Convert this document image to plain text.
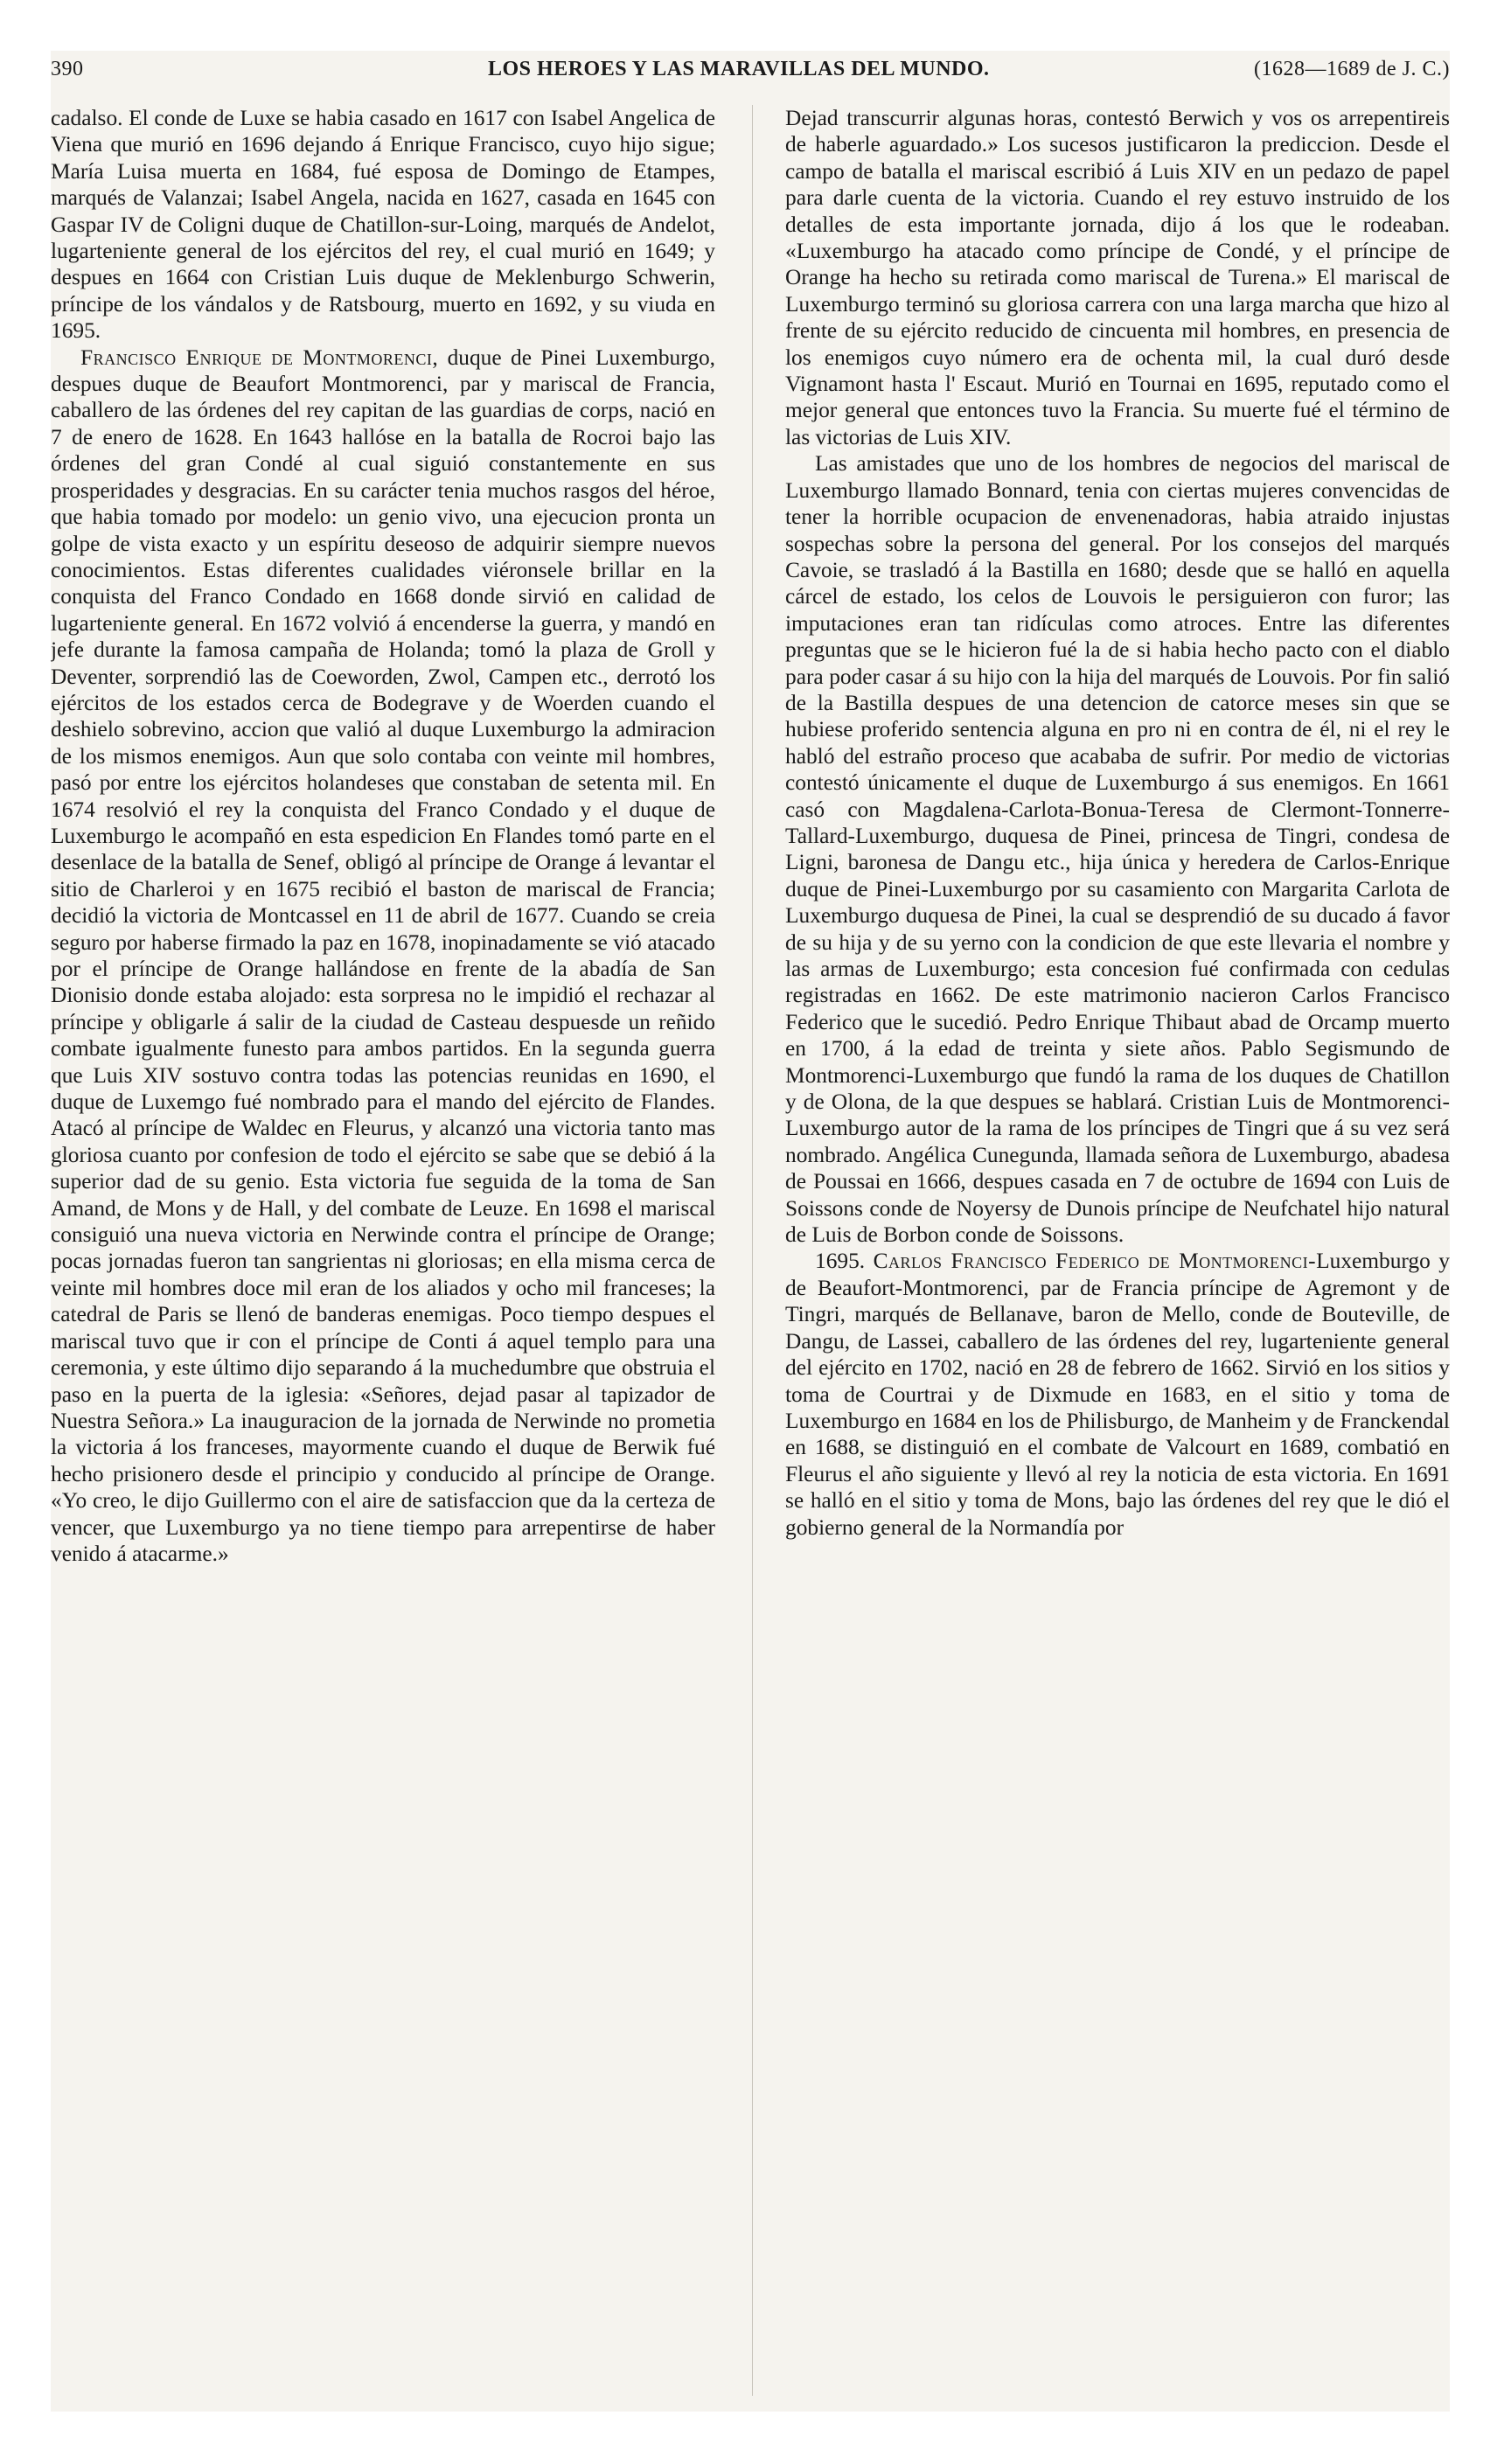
390	LOS HEROES Y LAS MARAVILLAS DEL MUNDO.	(1628—1689 de J. C.)

cadalso. El conde de Luxe se habia casado en 1617 con Isabel Angelica de Viena que murió en 1696 dejando á Enrique Francisco, cuyo hijo sigue; María Luisa muerta en 1684, fué esposa de Domingo de Etampes, marqués de Valanzai; Isabel Angela, nacida en 1627, casada en 1645 con Gaspar IV de Coligni duque de Chatillon-sur-Loing, marqués de Andelot, lugarteniente general de los ejércitos del rey, el cual murió en 1649; y despues en 1664 con Cristian Luis duque de Meklenburgo Schwerin, príncipe de los vándalos y de Ratsbourg, muerto en 1692, y su viuda en 1695.

Francisco Enrique de Montmorenci, duque de Pinei Luxemburgo, despues duque de Beaufort Montmorenci, par y mariscal de Francia, caballero de las órdenes del rey capitan de las guardias de corps, nació en 7 de enero de 1628. En 1643 hallóse en la batalla de Rocroi bajo las órdenes del gran Condé al cual siguió constantemente en sus prosperidades y desgracias. En su carácter tenia muchos rasgos del héroe, que habia tomado por modelo: un genio vivo, una ejecucion pronta un golpe de vista exacto y un espíritu deseoso de adquirir siempre nuevos conocimientos. Estas diferentes cualidades viéronsele brillar en la conquista del Franco Condado en 1668 donde sirvió en calidad de lugarteniente general. En 1672 volvió á encenderse la guerra, y mandó en jefe durante la famosa campaña de Holanda; tomó la plaza de Groll y Deventer, sorprendió las de Coeworden, Zwol, Campen etc., derrotó los ejércitos de los estados cerca de Bodegrave y de Woerden cuando el deshielo sobrevino, accion que valió al duque Luxemburgo la admiracion de los mismos enemigos. Aun que solo contaba con veinte mil hombres, pasó por entre los ejércitos holandeses que constaban de setenta mil. En 1674 resolvió el rey la conquista del Franco Condado y el duque de Luxemburgo le acompañó en esta espedicion En Flandes tomó parte en el desenlace de la batalla de Senef, obligó al príncipe de Orange á levantar el sitio de Charleroi y en 1675 recibió el baston de mariscal de Francia; decidió la victoria de Montcassel en 11 de abril de 1677. Cuando se creia seguro por haberse firmado la paz en 1678, inopinadamente se vió atacado por el príncipe de Orange hallándose en frente de la abadía de San Dionisio donde estaba alojado: esta sorpresa no le impidió el rechazar al príncipe y obligarle á salir de la ciudad de Casteau despuesde un reñido combate igualmente funesto para ambos partidos. En la segunda guerra que Luis XIV sostuvo contra todas las potencias reunidas en 1690, el duque de Luxemgo fué nombrado para el mando del ejército de Flandes. Atacó al príncipe de Waldec en Fleurus, y alcanzó una victoria tanto mas gloriosa cuanto por confesion de todo el ejército se sabe que se debió á la superior dad de su genio. Esta victoria fue seguida de la toma de San Amand, de Mons y de Hall, y del combate de Leuze. En 1698 el mariscal consiguió una nueva victoria en Nerwinde contra el príncipe de Orange; pocas jornadas fueron tan sangrientas ni gloriosas; en ella misma cerca de veinte mil hombres doce mil eran de los aliados y ocho mil franceses; la catedral de Paris se llenó de banderas enemigas. Poco tiempo despues el mariscal tuvo que ir con el príncipe de Conti á aquel templo para una ceremonia, y este último dijo separando á la muchedumbre que obstruia el paso en la puerta de la iglesia: «Señores, dejad pasar al tapizador de Nuestra Señora.» La inauguracion de la jornada de Nerwinde no prometia la victoria á los franceses, mayormente cuando el duque de Berwik fué hecho prisionero desde el principio y conducido al príncipe de Orange. «Yo creo, le dijo Guillermo con el aire de satisfaccion que da la certeza de vencer, que Luxemburgo ya no tiene tiempo para arrepentirse de haber venido á atacarme.»

Dejad transcurrir algunas horas, contestó Berwich y vos os arrepentireis de haberle aguardado.» Los sucesos justificaron la prediccion. Desde el campo de batalla el mariscal escribió á Luis XIV en un pedazo de papel para darle cuenta de la victoria. Cuando el rey estuvo instruido de los detalles de esta importante jornada, dijo á los que le rodeaban. «Luxemburgo ha atacado como príncipe de Condé, y el príncipe de Orange ha hecho su retirada como mariscal de Turena.» El mariscal de Luxemburgo terminó su gloriosa carrera con una larga marcha que hizo al frente de su ejército reducido de cincuenta mil hombres, en presencia de los enemigos cuyo número era de ochenta mil, la cual duró desde Vignamont hasta l' Escaut. Murió en Tournai en 1695, reputado como el mejor general que entonces tuvo la Francia. Su muerte fué el término de las victorias de Luis XIV.

Las amistades que uno de los hombres de negocios del mariscal de Luxemburgo llamado Bonnard, tenia con ciertas mujeres convencidas de tener la horrible ocupacion de envenenadoras, habia atraido injustas sospechas sobre la persona del general. Por los consejos del marqués Cavoie, se trasladó á la Bastilla en 1680; desde que se halló en aquella cárcel de estado, los celos de Louvois le persiguieron con furor; las imputaciones eran tan ridículas como atroces. Entre las diferentes preguntas que se le hicieron fué la de si habia hecho pacto con el diablo para poder casar á su hijo con la hija del marqués de Louvois. Por fin salió de la Bastilla despues de una detencion de catorce meses sin que se hubiese proferido sentencia alguna en pro ni en contra de él, ni el rey le habló del estraño proceso que acababa de sufrir. Por medio de victorias contestó únicamente el duque de Luxemburgo á sus enemigos. En 1661 casó con Magdalena-Carlota-Bonua-Teresa de Clermont-Tonnerre-Tallard-Luxemburgo, duquesa de Pinei, princesa de Tingri, condesa de Ligni, baronesa de Dangu etc., hija única y heredera de Carlos-Enrique duque de Pinei-Luxemburgo por su casamiento con Margarita Carlota de Luxemburgo duquesa de Pinei, la cual se desprendió de su ducado á favor de su hija y de su yerno con la condicion de que este llevaria el nombre y las armas de Luxemburgo; esta concesion fué confirmada con cedulas registradas en 1662. De este matrimonio nacieron Carlos Francisco Federico que le sucedió. Pedro Enrique Thibaut abad de Orcamp muerto en 1700, á la edad de treinta y siete años. Pablo Segismundo de Montmorenci-Luxemburgo que fundó la rama de los duques de Chatillon y de Olona, de la que despues se hablará. Cristian Luis de Montmorenci-Luxemburgo autor de la rama de los príncipes de Tingri que á su vez será nombrado. Angélica Cunegunda, llamada señora de Luxemburgo, abadesa de Poussai en 1666, despues casada en 7 de octubre de 1694 con Luis de Soissons conde de Noyersy de Dunois príncipe de Neufchatel hijo natural de Luis de Borbon conde de Soissons.

1695. Carlos Francisco Federico de Montmorenci-Luxemburgo y de Beaufort-Montmorenci, par de Francia príncipe de Agremont y de Tingri, marqués de Bellanave, baron de Mello, conde de Bouteville, de Dangu, de Lassei, caballero de las órdenes del rey, lugarteniente general del ejército en 1702, nació en 28 de febrero de 1662. Sirvió en los sitios y toma de Courtrai y de Dixmude en 1683, en el sitio y toma de Luxemburgo en 1684 en los de Philisburgo, de Manheim y de Franckendal en 1688, se distinguió en el combate de Valcourt en 1689, combatió en Fleurus el año siguiente y llevó al rey la noticia de esta victoria. En 1691 se halló en el sitio y toma de Mons, bajo las órdenes del rey que le dió el gobierno general de la Normandía por
